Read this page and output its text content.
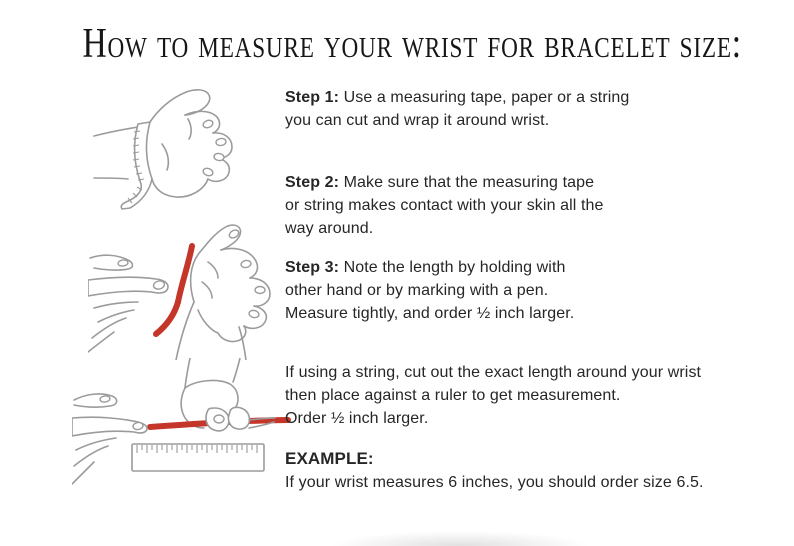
How to measure your wrist for bracelet size:
Step 1: Use a measuring tape, paper or a string
you can cut and wrap it around wrist.
Step 2: Make sure that the measuring tape
or string makes contact with your skin all the
way around.
Step 3: Note the length by holding with
other hand or by marking with a pen.
Measure tightly, and order ½ inch larger.
If using a string, cut out the exact length around your wrist
then place against a ruler to get measurement.
Order ½ inch larger.
EXAMPLE:
If your wrist measures 6 inches, you should order size 6.5.
